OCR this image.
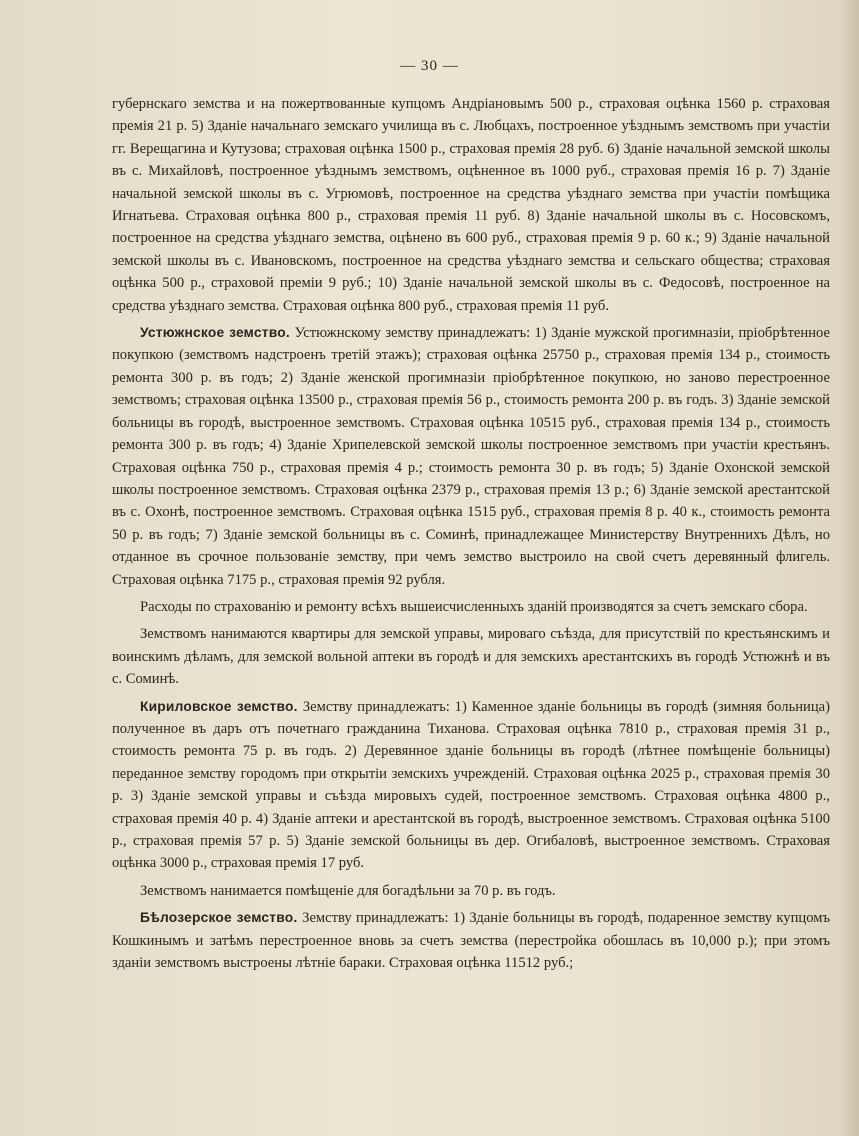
— 30 —

губернскаго земства и на пожертвованные купцомъ Андріановымъ 500 р., страховая оцѣнка 1560 р. страховая премія 21 р. 5) Зданіе начальнаго земскаго училища въ с. Любцахъ, построенное уѣзднымъ земствомъ при участіи гг. Верещагина и Кутузова; страховая оцѣнка 1500 р., страховая премія 28 руб. 6) Зданіе начальной земской школы въ с. Михайловѣ, построенное уѣзднымъ земствомъ, оцѣненное въ 1000 руб., страховая премія 16 р. 7) Зданіе начальной земской школы въ с. Угрюмовѣ, построенное на средства уѣзднаго земства при участіи помѣщика Игнатьева. Страховая оцѣнка 800 р., страховая премія 11 руб. 8) Зданіе начальной школы въ с. Носовскомъ, построенное на средства уѣзднаго земства, оцѣнено въ 600 руб., страховая премія 9 р. 60 к.; 9) Зданіе начальной земской школы въ с. Ивановскомъ, построенное на средства уѣзднаго земства и сельскаго общества; страховая оцѣнка 500 р., страховой преміи 9 руб.; 10) Зданіе начальной земской школы въ с. Федосовѣ, построенное на средства уѣзднаго земства. Страховая оцѣнка 800 руб., страховая премія 11 руб.

Устюжнское земство. Устюжнскому земству принадлежатъ: 1) Зданіе мужской прогимназіи, пріобрѣтенное покупкою (земствомъ надстроенъ третій этажъ); страховая оцѣнка 25750 р., страховая премія 134 р., стоимость ремонта 300 р. въ годъ; 2) Зданіе женской прогимназіи пріобрѣтенное покупкою, но заново перестроенное земствомъ; страховая оцѣнка 13500 р., страховая премія 56 р., стоимость ремонта 200 р. въ годъ. 3) Зданіе земской больницы въ городѣ, выстроенное земствомъ. Страховая оцѣнка 10515 руб., страховая премія 134 р., стоимость ремонта 300 р. въ годъ; 4) Зданіе Хрипелевской земской школы построенное земствомъ при участіи крестьянъ. Страховая оцѣнка 750 р., страховая премія 4 р.; стоимость ремонта 30 р. въ годъ; 5) Зданіе Охонской земской школы построенное земствомъ. Страховая оцѣнка 2379 р., страховая премія 13 р.; 6) Зданіе земской арестантской въ с. Охонѣ, построенное земствомъ. Страховая оцѣнка 1515 руб., страховая премія 8 р. 40 к., стоимость ремонта 50 р. въ годъ; 7) Зданіе земской больницы въ с. Соминѣ, принадлежащее Министерству Внутреннихъ Дѣлъ, но отданное въ срочное пользованіе земству, при чемъ земство выстроило на свой счетъ деревянный флигель. Страховая оцѣнка 7175 р., страховая премія 92 рубля.

Расходы по страхованію и ремонту всѣхъ вышеисчисленныхъ зданій производятся за счетъ земскаго сбора.

Земствомъ нанимаются квартиры для земской управы, мироваго съѣзда, для присутствій по крестьянскимъ и воинскимъ дѣламъ, для земской вольной аптеки въ городѣ и для земскихъ арестантскихъ въ городѣ Устюжнѣ и въ с. Соминѣ.

Кириловское земство. Земству принадлежатъ: 1) Каменное зданіе больницы въ городѣ (зимняя больница) полученное въ даръ отъ почетнаго гражданина Тиханова. Страховая оцѣнка 7810 р., страховая премія 31 р., стоимость ремонта 75 р. въ годъ. 2) Деревянное зданіе больницы въ городѣ (лѣтнее помѣщеніе больницы) переданное земству городомъ при открытіи земскихъ учрежденій. Страховая оцѣнка 2025 р., страховая премія 30 р. 3) Зданіе земской управы и съѣзда мировыхъ судей, построенное земствомъ. Страховая оцѣнка 4800 р., страховая премія 40 р. 4) Зданіе аптеки и арестантской въ городѣ, выстроенное земствомъ. Страховая оцѣнка 5100 р., страховая премія 57 р. 5) Зданіе земской больницы въ дер. Огибаловѣ, выстроенное земствомъ. Страховая оцѣнка 3000 р., страховая премія 17 руб.

Земствомъ нанимается помѣщеніе для богадѣльни за 70 р. въ годъ.

Бѣлозерское земство. Земству принадлежатъ: 1) Зданіе больницы въ городѣ, подаренное земству купцомъ Кошкинымъ и затѣмъ перестроенное вновь за счетъ земства (перестройка обошлась въ 10,000 р.); при этомъ зданіи земствомъ выстроены лѣтніе бараки. Страховая оцѣнка 11512 руб.;
